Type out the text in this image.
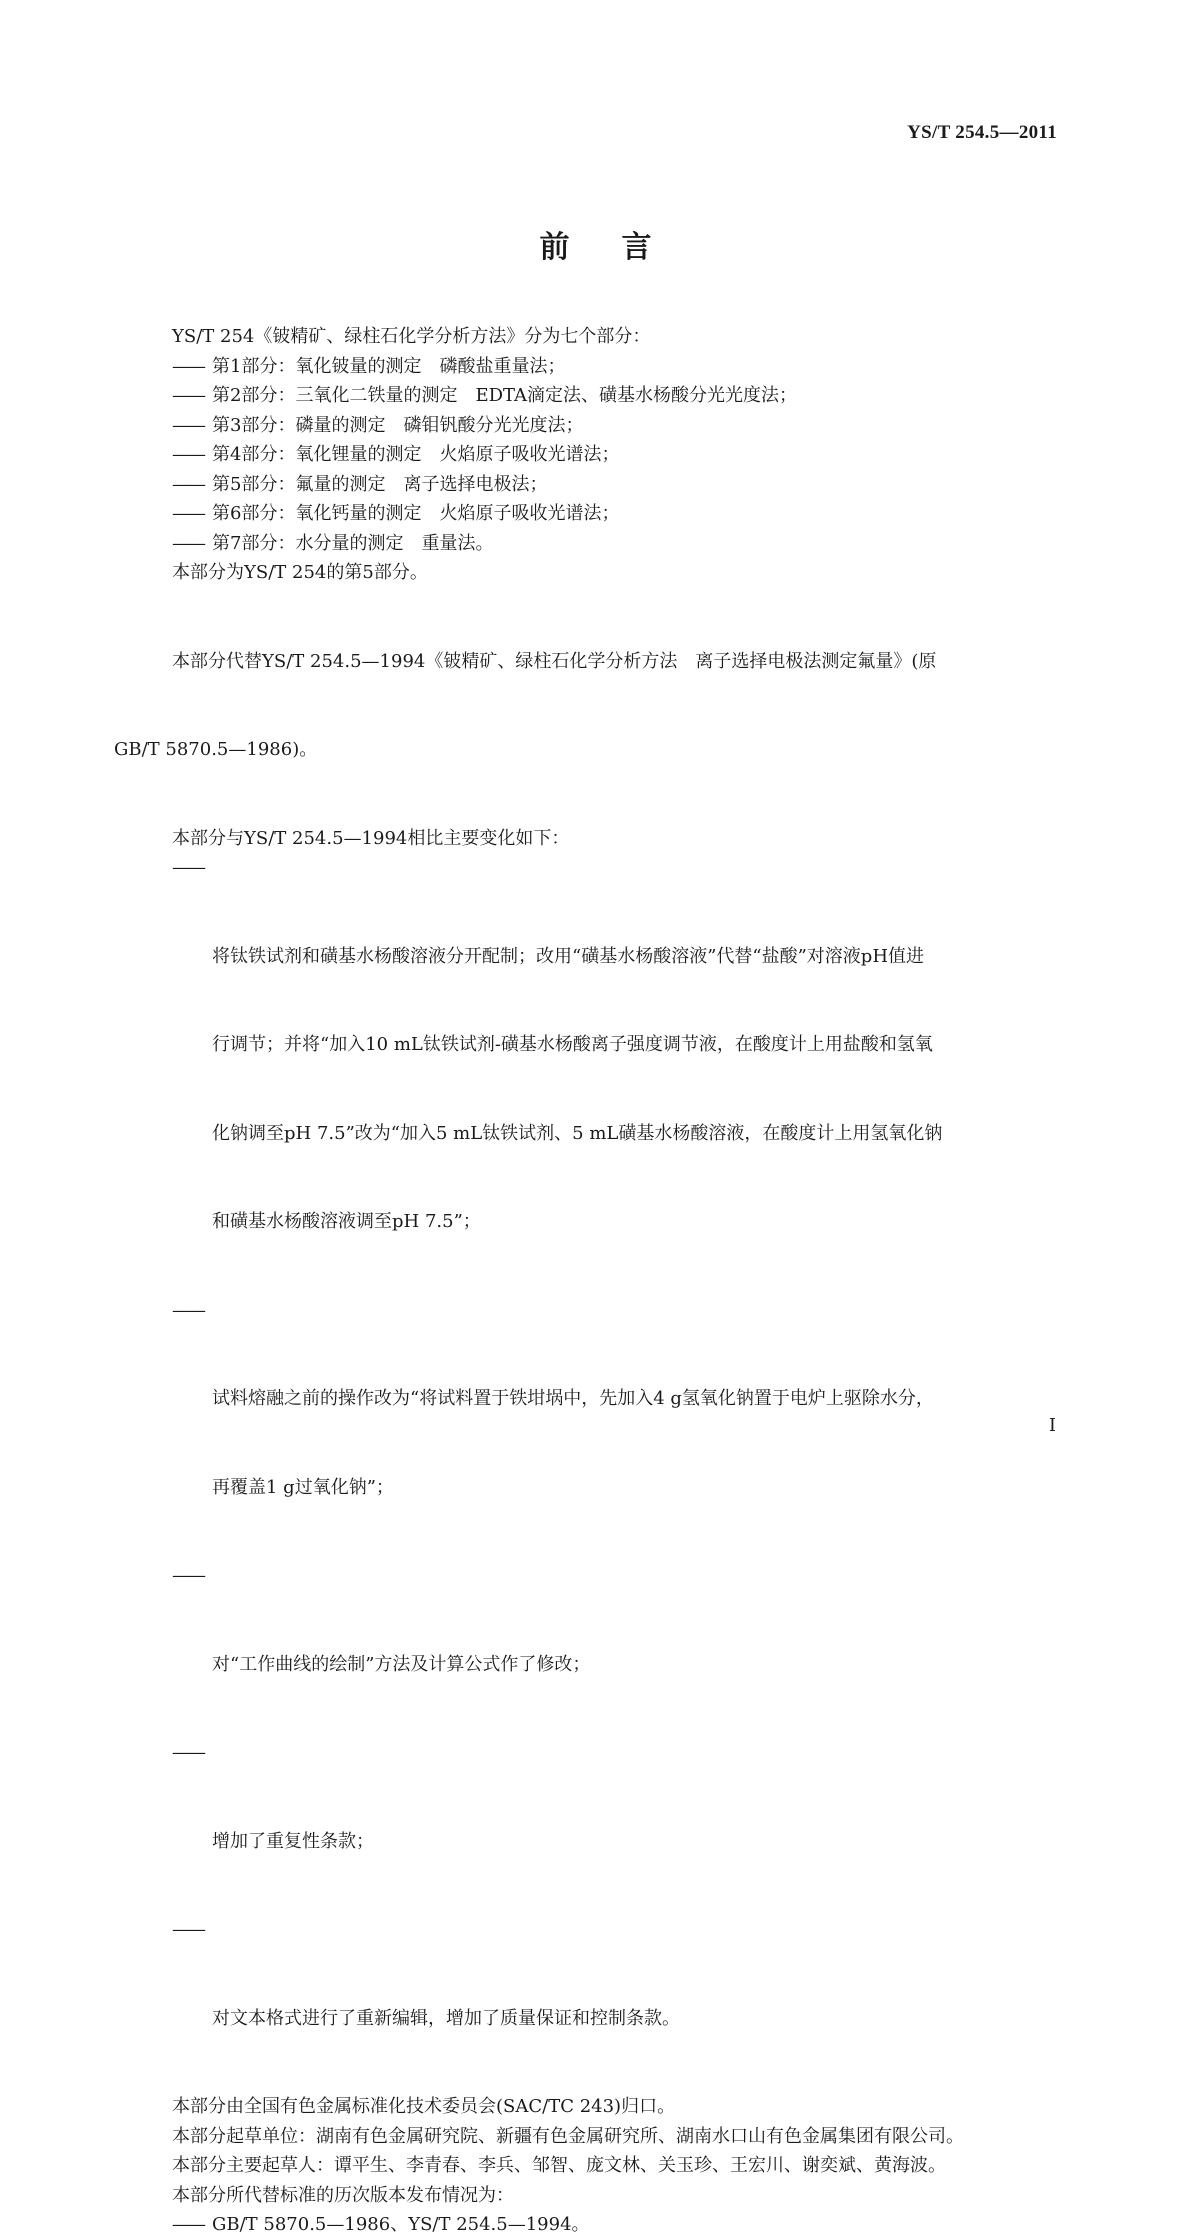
YS/T 254.5—2011
前言

YS/T 254《铍精矿、绿柱石化学分析方法》分为七个部分：

—— 第1部分：氧化铍量的测定　磷酸盐重量法；

—— 第2部分：三氧化二铁量的测定　EDTA滴定法、磺基水杨酸分光光度法；

—— 第3部分：磷量的测定　磷钼钒酸分光光度法；

—— 第4部分：氧化锂量的测定　火焰原子吸收光谱法；

—— 第5部分：氟量的测定　离子选择电极法；

—— 第6部分：氧化钙量的测定　火焰原子吸收光谱法；

—— 第7部分：水分量的测定　重量法。

本部分为YS/T 254的第5部分。

本部分代替YS/T 254.5—1994《铍精矿、绿柱石化学分析方法　离子选择电极法测定氟量》(原

GB/T 5870.5—1986)。

本部分与YS/T 254.5—1994相比主要变化如下：

——

将钛铁试剂和磺基水杨酸溶液分开配制；改用“磺基水杨酸溶液”代替“盐酸”对溶液pH值进

行调节；并将“加入10 mL钛铁试剂-磺基水杨酸离子强度调节液，在酸度计上用盐酸和氢氧

化钠调至pH 7.5”改为“加入5 mL钛铁试剂、5 mL磺基水杨酸溶液，在酸度计上用氢氧化钠

和磺基水杨酸溶液调至pH 7.5”；

——

试料熔融之前的操作改为“将试料置于铁坩埚中，先加入4 g氢氧化钠置于电炉上驱除水分，

再覆盖1 g过氧化钠”；

——

对“工作曲线的绘制”方法及计算公式作了修改；

——

增加了重复性条款；

——

对文本格式进行了重新编辑，增加了质量保证和控制条款。

本部分由全国有色金属标准化技术委员会(SAC/TC 243)归口。

本部分起草单位：湖南有色金属研究院、新疆有色金属研究所、湖南水口山有色金属集团有限公司。

本部分主要起草人：谭平生、李青春、李兵、邹智、庞文林、关玉珍、王宏川、谢奕斌、黄海波。

本部分所代替标准的历次版本发布情况为：

—— GB/T 5870.5—1986、YS/T 254.5—1994。

I
